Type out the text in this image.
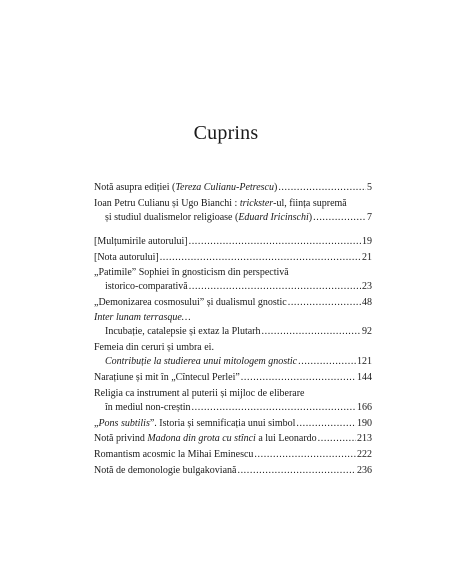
Cuprins
Notă asupra ediției (Tereza Culianu-Petrescu) .....	5
Ioan Petru Culianu și Ugo Bianchi : trickster-ul, ființa supremă
și studiul dualismelor religioase (Eduard Iricinschi) .....	7
[Mulțumirile autorului] .....	19
[Nota autorului] .....	21
„Patimile” Sophiei în gnosticism din perspectivă
istorico-comparativă .....	23
„Demonizarea cosmosului” și dualismul gnostic .....	48
Inter lunam terrasque…
Incubație, catalepsie și extaz la Plutarh .....	92
Femeia din ceruri și umbra ei.
Contribuție la studierea unui mitologem gnostic .....	121
Narațiune și mit în „Cîntecul Perlei” .....	144
Religia ca instrument al puterii și mijloc de eliberare
în mediul non-creștin .....	166
„Pons subtilis”. Istoria și semnificația unui simbol .....	190
Notă privind Madona din grota cu stînci a lui Leonardo .....	213
Romantism acosmic la Mihai Eminescu .....	222
Notă de demonologie bulgakoviană .....	236
